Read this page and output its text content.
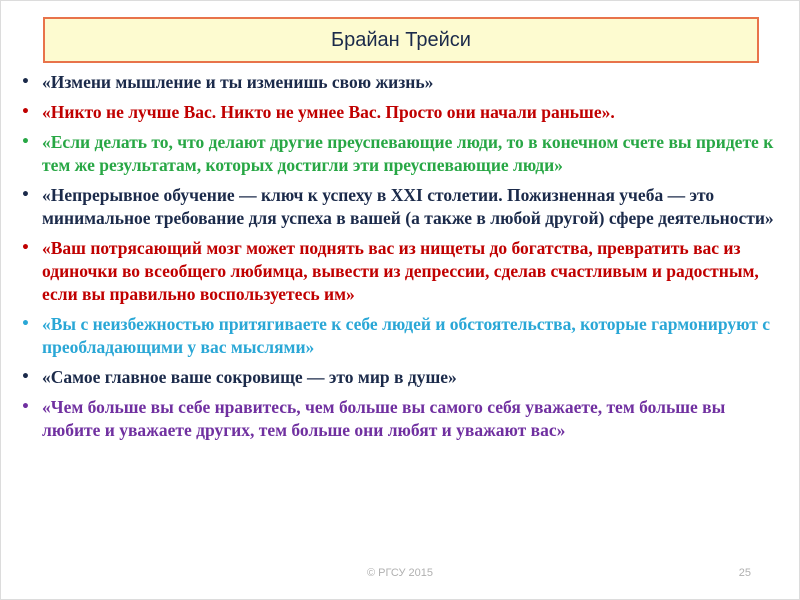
Брайан Трейси
• «Измени мышление и ты изменишь свою жизнь»
• «Никто не лучше Вас. Никто не умнее Вас. Просто они начали раньше».
• «Если делать то, что делают другие преуспевающие люди, то в конечном счете вы придете к тем же результатам, которых достигли эти преуспевающие люди»
• «Непрерывное обучение — ключ к успеху в XXI столетии. Пожизненная учеба — это минимальное требование для успеха в вашей (а также в любой другой) сфере деятельности»
• «Ваш потрясающий мозг может поднять вас из нищеты до богатства, превратить вас из одиночки во всеобщего любимца, вывести из депрессии, сделав счастливым и радостным, если вы правильно воспользуетесь им»
• «Вы с неизбежностью притягиваете к себе людей и обстоятельства, которые гармонируют с преобладающими у вас мыслями»
• «Самое главное ваше сокровище — это мир в душе»
• «Чем больше вы себе нравитесь, чем больше вы самого себя уважаете, тем больше вы любите и уважаете других, тем больше они любят и уважают вас»
© РГСУ 2015	25
